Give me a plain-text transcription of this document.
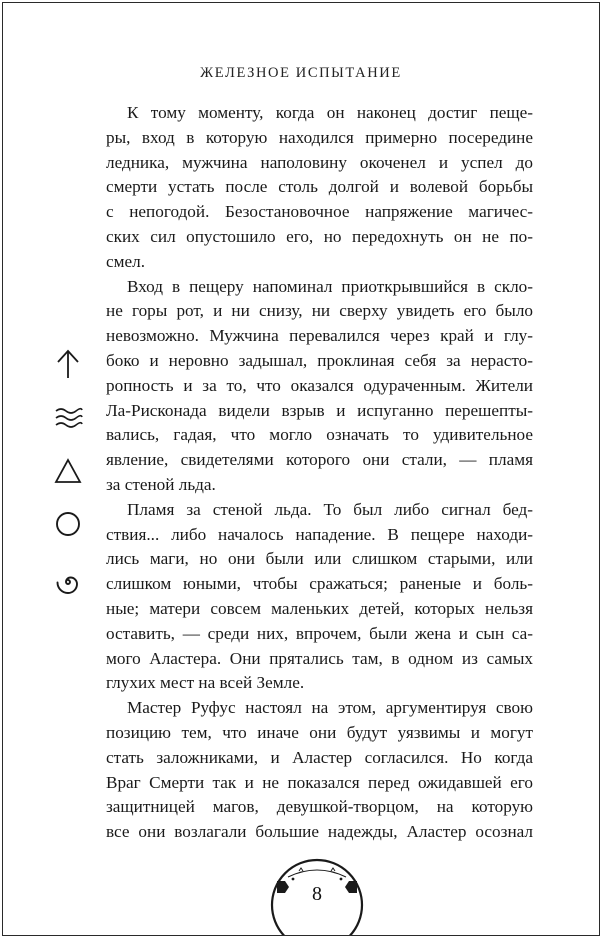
ЖЕЛЕЗНОЕ ИСПЫТАНИЕ

К тому моменту, когда он наконец достиг пеще-
ры, вход в которую находился примерно посередине
ледника, мужчина наполовину окоченел и успел до
смерти устать после столь долгой и волевой борьбы
с непогодой. Безостановочное напряжение магичес-
ских сил опустошило его, но передохнуть он не по-
смел.

Вход в пещеру напоминал приоткрывшийся в скло-
не горы рот, и ни снизу, ни сверху увидеть его было
невозможно. Мужчина перевалился через край и глу-
боко и неровно задышал, проклиная себя за нерасто-
ропность и за то, что оказался одураченным. Жители
Ла-Рисконада видели взрыв и испуганно перешепты-
вались, гадая, что могло означать то удивительное
явление, свидетелями которого они стали, — пламя
за стеной льда.

Пламя за стеной льда. То был либо сигнал бед-
ствия... либо началось нападение. В пещере находи-
лись маги, но они были или слишком старыми, или
слишком юными, чтобы сражаться; раненые и боль-
ные; матери совсем маленьких детей, которых нельзя
оставить, — среди них, впрочем, были жена и сын са-
мого Аластера. Они прятались там, в одном из самых
глухих мест на всей Земле.

Мастер Руфус настоял на этом, аргументируя свою
позицию тем, что иначе они будут уязвимы и могут
стать заложниками, и Аластер согласился. Но когда
Враг Смерти так и не показался перед ожидавшей его
защитницей магов, девушкой-творцом, на которую
все они возлагали большие надежды, Аластер осознал

8
